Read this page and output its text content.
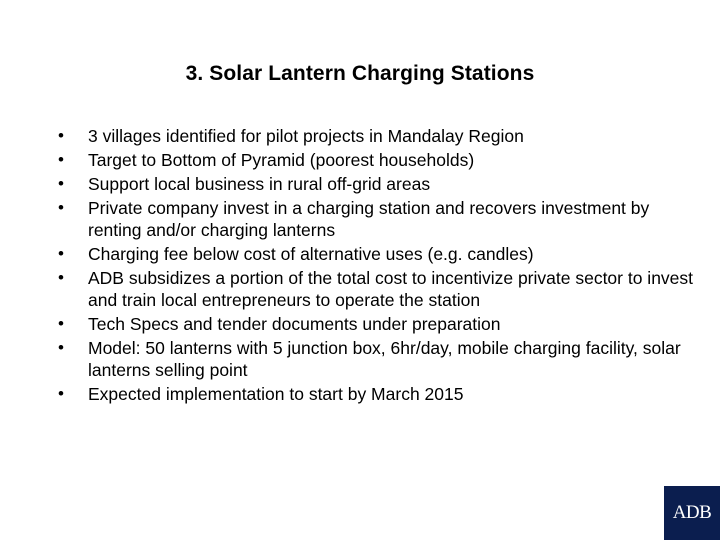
3. Solar Lantern Charging Stations
• 3 villages identified for pilot projects in Mandalay Region
• Target to Bottom of Pyramid (poorest households)
• Support local business in rural off-grid areas
• Private company invest in a charging station and recovers investment by renting and/or charging lanterns
• Charging fee below cost of alternative uses (e.g. candles)
• ADB subsidizes a portion of the total cost to incentivize private sector to invest and train local entrepreneurs to operate the station
• Tech Specs and tender documents under preparation
• Model: 50 lanterns with 5 junction box, 6hr/day, mobile charging facility, solar lanterns selling point
• Expected implementation to start by March 2015
ADB
